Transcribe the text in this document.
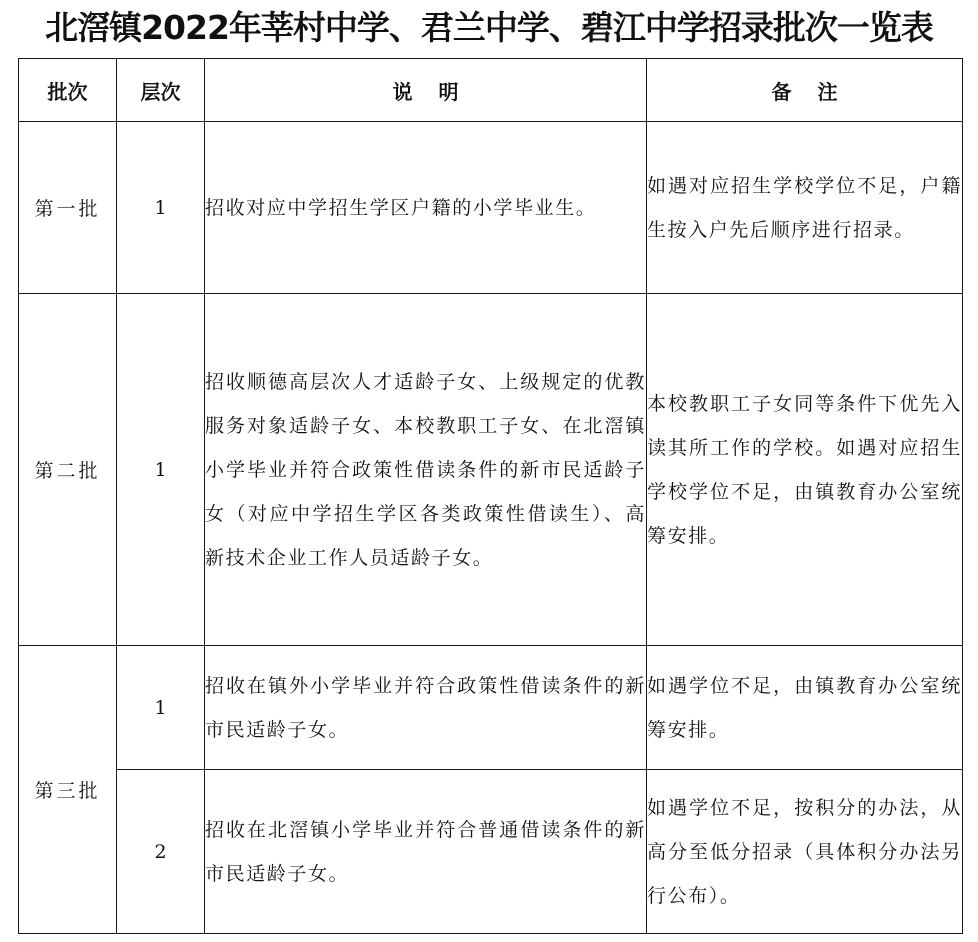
北滘镇2022年莘村中学、君兰中学、碧江中学招录批次一览表
批次	层次	说明	备注
第一批	1	招收对应中学招生学区户籍的小学毕业生。	如遇对应招生学校学位不足，户籍生按入户先后顺序进行招录。
第二批	1	招收顺德高层次人才适龄子女、上级规定的优教服务对象适龄子女、本校教职工子女、在北滘镇小学毕业并符合政策性借读条件的新市民适龄子女（对应中学招生学区各类政策性借读生）、高新技术企业工作人员适龄子女。	本校教职工子女同等条件下优先入读其所工作的学校。如遇对应招生学校学位不足，由镇教育办公室统筹安排。
第三批	1	招收在镇外小学毕业并符合政策性借读条件的新市民适龄子女。	如遇学位不足，由镇教育办公室统筹安排。
	2	招收在北滘镇小学毕业并符合普通借读条件的新市民适龄子女。	如遇学位不足，按积分的办法，从高分至低分招录（具体积分办法另行公布）。
